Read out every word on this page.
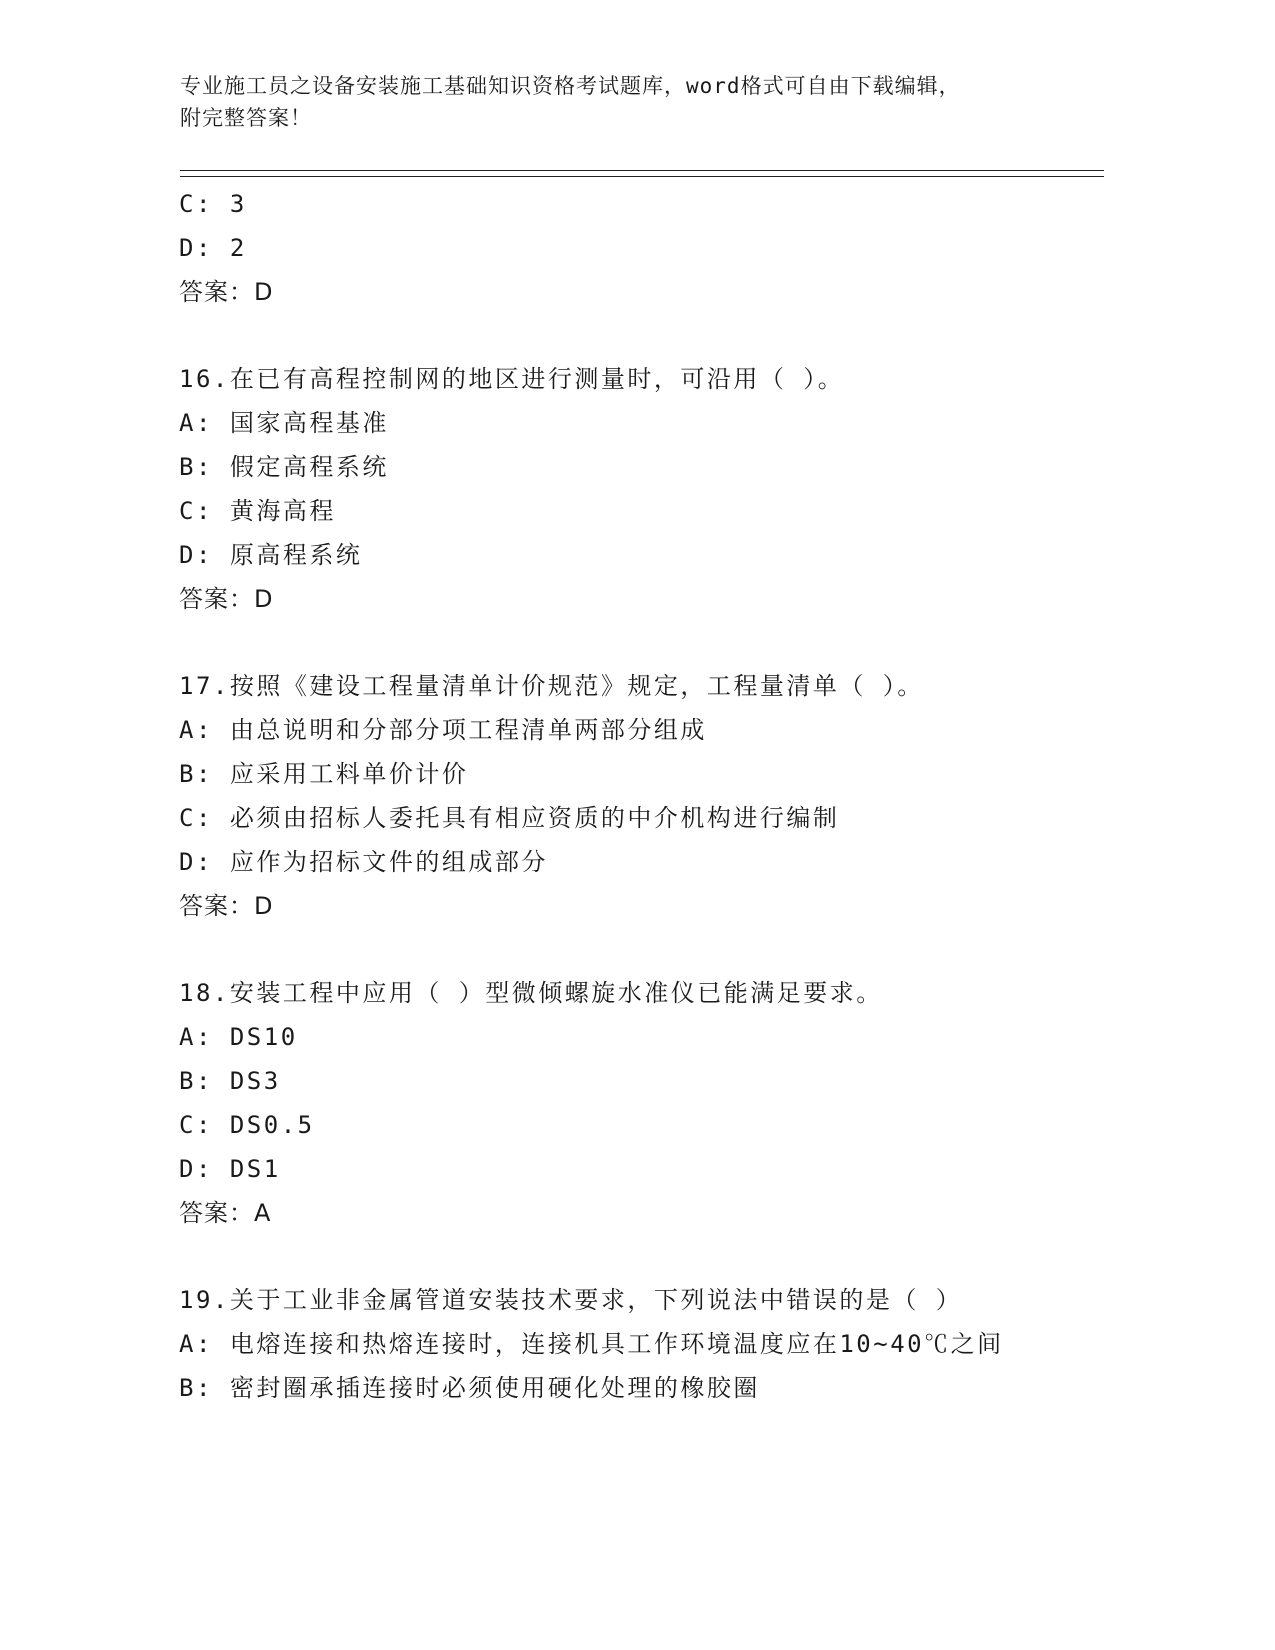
专业施工员之设备安装施工基础知识资格考试题库，word格式可自由下载编辑，
附完整答案！
C: 3
D: 2
答案：D
16.在已有高程控制网的地区进行测量时，可沿用（ ）。
A: 国家高程基准
B: 假定高程系统
C: 黄海高程
D: 原高程系统
答案：D
17.按照《建设工程量清单计价规范》规定，工程量清单（ ）。
A: 由总说明和分部分项工程清单两部分组成
B: 应采用工料单价计价
C: 必须由招标人委托具有相应资质的中介机构进行编制
D: 应作为招标文件的组成部分
答案：D
18.安装工程中应用（ ）型微倾螺旋水准仪已能满足要求。
A: DS10
B: DS3
C: DS0.5
D: DS1
答案：A
19.关于工业非金属管道安装技术要求，下列说法中错误的是（ ）
A: 电熔连接和热熔连接时，连接机具工作环境温度应在10~40℃之间
B: 密封圈承插连接时必须使用硬化处理的橡胶圈
